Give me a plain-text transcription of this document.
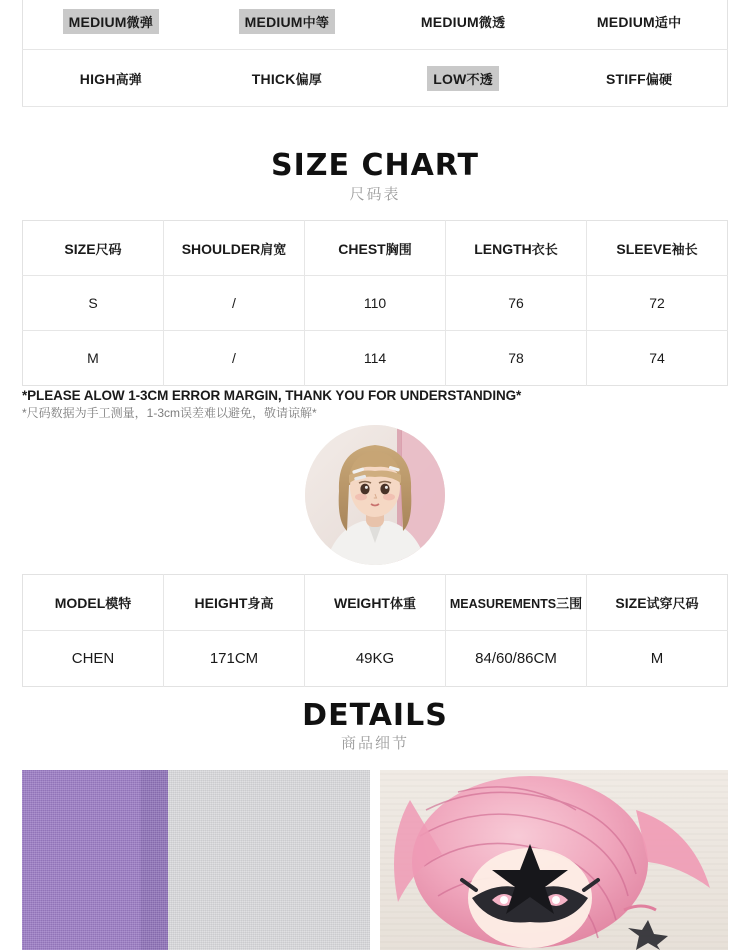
MEDIUM微弹	MEDIUM中等	MEDIUM微透	MEDIUM适中
HIGH高弹	THICK偏厚	LOW不透	STIFF偏硬
SIZE CHART
尺码表
SIZE尺码	SHOULDER肩宽	CHEST胸围	LENGTH衣长	SLEEVE袖长
S	/	110	76	72
M	/	114	78	74
*PLEASE ALOW 1-3CM ERROR MARGIN, THANK YOU FOR UNDERSTANDING*
*尺码数据为手工测量，1-3cm误差难以避免，敬请谅解*
MODEL模特	HEIGHT身高	WEIGHT体重	MEASUREMENTS三围	SIZE试穿尺码
CHEN	171CM	49KG	84/60/86CM	M
DETAILS
商品细节
